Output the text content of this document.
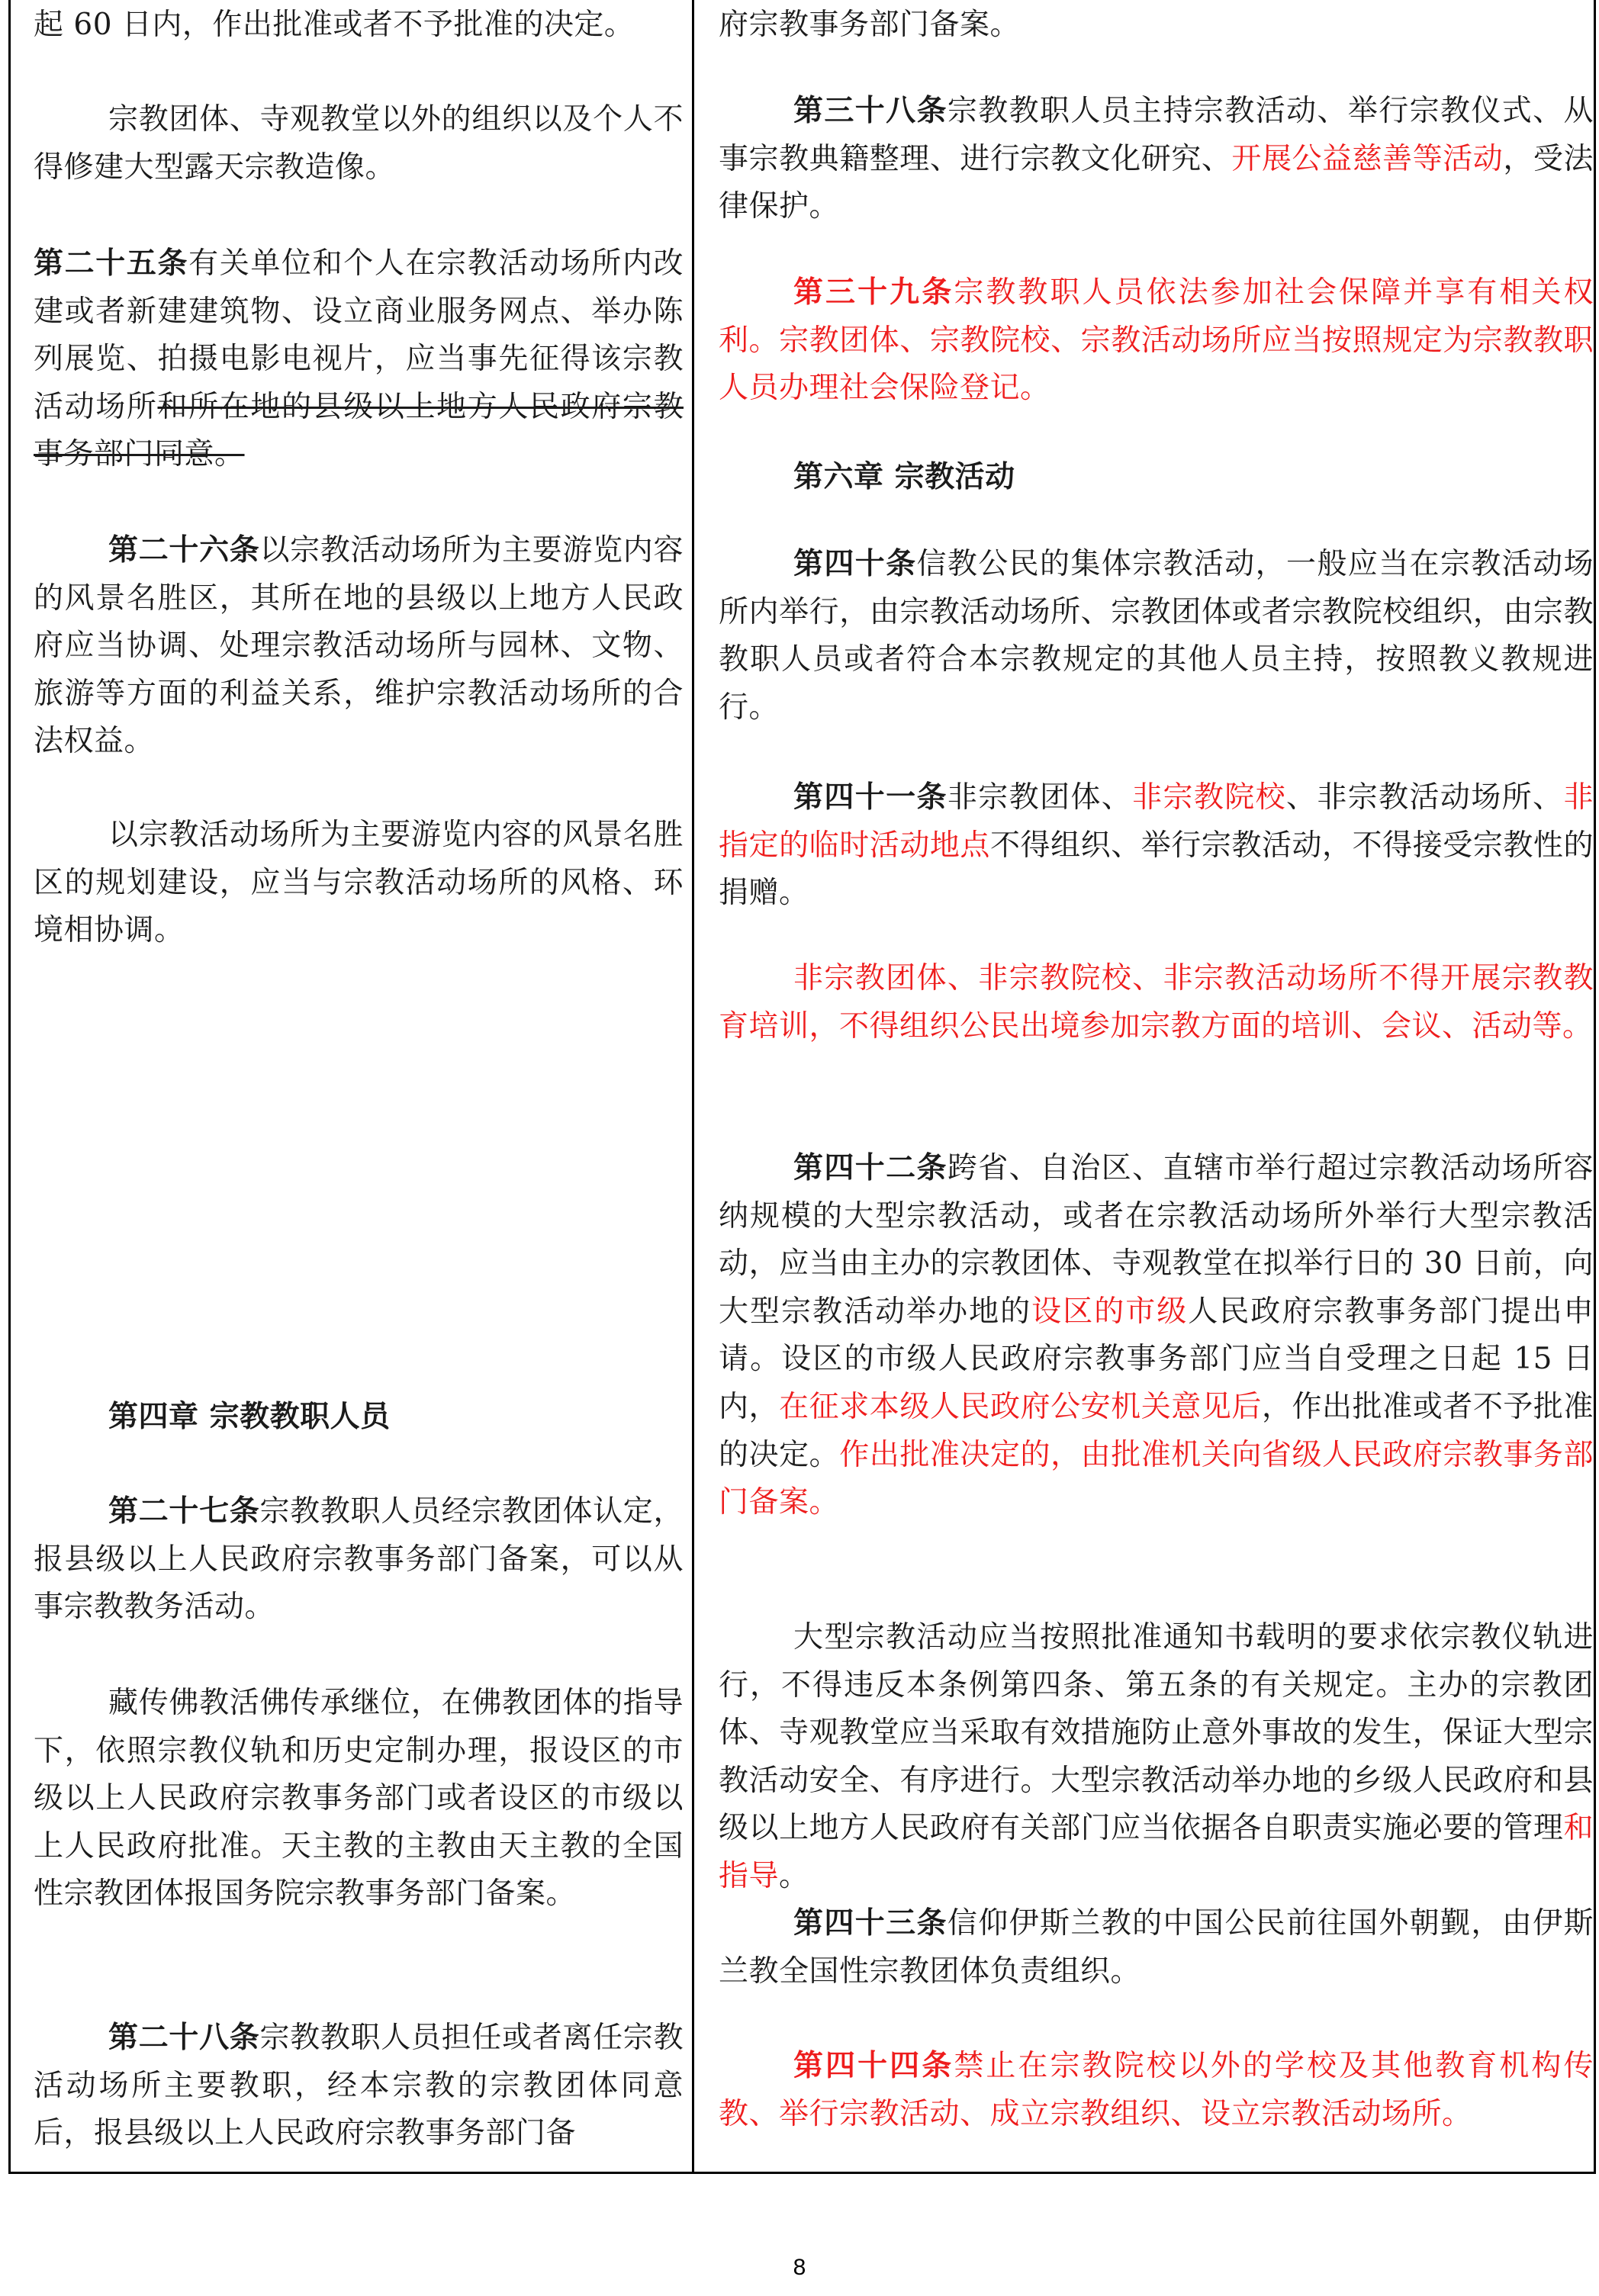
起 60 日内，作出批准或者不予批准的决定。

宗教团体、寺观教堂以外的组织以及个人不得修建大型露天宗教造像。

第二十五条有关单位和个人在宗教活动场所内改建或者新建建筑物、设立商业服务网点、举办陈列展览、拍摄电影电视片，应当事先征得该宗教活动场所和所在地的县级以上地方人民政府宗教事务部门同意。

第二十六条以宗教活动场所为主要游览内容的风景名胜区，其所在地的县级以上地方人民政府应当协调、处理宗教活动场所与园林、文物、旅游等方面的利益关系，维护宗教活动场所的合法权益。

以宗教活动场所为主要游览内容的风景名胜区的规划建设，应当与宗教活动场所的风格、环境相协调。

第四章 宗教教职人员

第二十七条宗教教职人员经宗教团体认定，报县级以上人民政府宗教事务部门备案，可以从事宗教教务活动。

藏传佛教活佛传承继位，在佛教团体的指导下，依照宗教仪轨和历史定制办理，报设区的市级以上人民政府宗教事务部门或者设区的市级以上人民政府批准。天主教的主教由天主教的全国性宗教团体报国务院宗教事务部门备案。

第二十八条宗教教职人员担任或者离任宗教活动场所主要教职，经本宗教的宗教团体同意后，报县级以上人民政府宗教事务部门备

府宗教事务部门备案。

第三十八条宗教教职人员主持宗教活动、举行宗教仪式、从事宗教典籍整理、进行宗教文化研究、开展公益慈善等活动，受法律保护。

第三十九条宗教教职人员依法参加社会保障并享有相关权利。宗教团体、宗教院校、宗教活动场所应当按照规定为宗教教职人员办理社会保险登记。

第六章 宗教活动

第四十条信教公民的集体宗教活动，一般应当在宗教活动场所内举行，由宗教活动场所、宗教团体或者宗教院校组织，由宗教教职人员或者符合本宗教规定的其他人员主持，按照教义教规进行。

第四十一条非宗教团体、非宗教院校、非宗教活动场所、非指定的临时活动地点不得组织、举行宗教活动，不得接受宗教性的捐赠。

非宗教团体、非宗教院校、非宗教活动场所不得开展宗教教育培训，不得组织公民出境参加宗教方面的培训、会议、活动等。

第四十二条跨省、自治区、直辖市举行超过宗教活动场所容纳规模的大型宗教活动，或者在宗教活动场所外举行大型宗教活动，应当由主办的宗教团体、寺观教堂在拟举行日的 30 日前，向大型宗教活动举办地的设区的市级人民政府宗教事务部门提出申请。设区的市级人民政府宗教事务部门应当自受理之日起 15 日内，在征求本级人民政府公安机关意见后，作出批准或者不予批准的决定。作出批准决定的，由批准机关向省级人民政府宗教事务部门备案。

大型宗教活动应当按照批准通知书载明的要求依宗教仪轨进行，不得违反本条例第四条、第五条的有关规定。主办的宗教团体、寺观教堂应当采取有效措施防止意外事故的发生，保证大型宗教活动安全、有序进行。大型宗教活动举办地的乡级人民政府和县级以上地方人民政府有关部门应当依据各自职责实施必要的管理和指导。

第四十三条信仰伊斯兰教的中国公民前往国外朝觐，由伊斯兰教全国性宗教团体负责组织。

第四十四条禁止在宗教院校以外的学校及其他教育机构传教、举行宗教活动、成立宗教组织、设立宗教活动场所。

8
